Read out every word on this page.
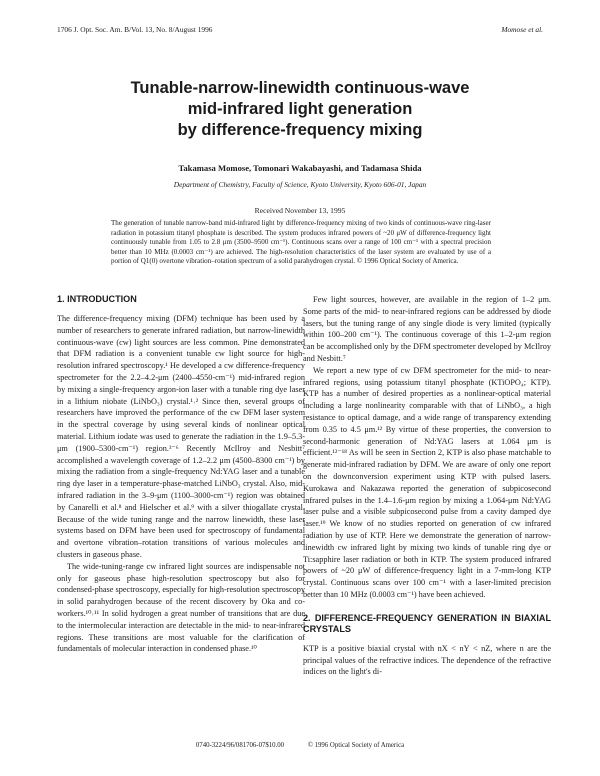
1706 J. Opt. Soc. Am. B/Vol. 13, No. 8/August 1996	Momose et al.
Tunable-narrow-linewidth continuous-wave
mid-infrared light generation
by difference-frequency mixing
Takamasa Momose, Tomonari Wakabayashi, and Tadamasa Shida
Department of Chemistry, Faculty of Science, Kyoto University, Kyoto 606-01, Japan
Received November 13, 1995
The generation of tunable narrow-band mid-infrared light by difference-frequency mixing of two kinds of continuous-wave ring-laser radiation in potassium titanyl phosphate is described. The system produces infrared powers of ~20 μW of difference-frequency light continuously tunable from 1.05 to 2.8 μm (3500–9500 cm⁻¹). Continuous scans over a range of 100 cm⁻¹ with a spectral precision better than 10 MHz (0.0003 cm⁻¹) are achieved. The high-resolution characteristics of the laser system are evaluated by use of a portion of Q1(0) overtone vibration–rotation spectrum of a solid parahydrogen crystal. © 1996 Optical Society of America.
1. INTRODUCTION

The difference-frequency mixing (DFM) technique has been used by a number of researchers to generate infrared radiation, but narrow-linewidth continuous-wave (cw) light sources are less common. Pine demonstrated that DFM radiation is a convenient tunable cw light source for high-resolution infrared spectroscopy.¹ He developed a cw difference-frequency spectrometer for the 2.2–4.2-μm (2400–4550-cm⁻¹) mid-infrared region by mixing a single-frequency argon-ion laser with a tunable ring dye laser in a lithium niobate (LiNbO₃) crystal.¹˒² Since then, several groups of researchers have improved the performance of the cw DFM laser system in the spectral coverage by using several kinds of nonlinear optical material. Lithium iodate was used to generate the radiation in the 1.9–5.3-μm (1900–5300-cm⁻¹) region.³⁻⁶ Recently McIlroy and Nesbitt⁷ accomplished a wavelength coverage of 1.2–2.2 μm (4500–8300 cm⁻¹) by mixing the radiation from a single-frequency Nd:YAG laser and a tunable ring dye laser in a temperature-phase-matched LiNbO₃ crystal. Also, mid-infrared radiation in the 3–9-μm (1100–3000-cm⁻¹) region was obtained by Canarelli et al.⁸ and Hielscher et al.⁹ with a silver thiogallate crystal. Because of the wide tuning range and the narrow linewidth, these laser systems based on DFM have been used for spectroscopy of fundamental and overtone vibration–rotation transitions of various molecules and clusters in gaseous phase.

The wide-tuning-range cw infrared light sources are indispensable not only for gaseous phase high-resolution spectroscopy but also for condensed-phase spectroscopy, especially for high-resolution spectroscopy in solid parahydrogen because of the recent discovery by Oka and co-workers.¹⁰˒¹¹ In solid hydrogen a great number of transitions that are due to the intermolecular interaction are detectable in the mid- to near-infrared regions. These transitions are most valuable for the clarification of fundamentals of molecular interaction in condensed phase.¹⁰

Few light sources, however, are available in the region of 1–2 μm. Some parts of the mid- to near-infrared regions can be addressed by diode lasers, but the tuning range of any single diode is very limited (typically within 100–200 cm⁻¹). The continuous coverage of this 1–2-μm region can be accomplished only by the DFM spectrometer developed by McIlroy and Nesbitt.⁷

We report a new type of cw DFM spectrometer for the mid- to near-infrared regions, using potassium titanyl phosphate (KTiOPO₄; KTP). KTP has a number of desired properties as a nonlinear-optical material including a large nonlinearity comparable with that of LiNbO₃, a high resistance to optical damage, and a wide range of transparency extending from 0.35 to 4.5 μm.¹² By virtue of these properties, the conversion to second-harmonic generation of Nd:YAG lasers at 1.064 μm is efficient.¹²⁻¹⁸ As will be seen in Section 2, KTP is also phase matchable to generate mid-infrared radiation by DFM. We are aware of only one report on the downconversion experiment using KTP with pulsed lasers. Kurokawa and Nakazawa reported the generation of subpicosecond infrared pulses in the 1.4–1.6-μm region by mixing a 1.064-μm Nd:YAG laser pulse and a visible subpicosecond pulse from a cavity damped dye laser.¹⁹ We know of no studies reported on generation of cw infrared radiation by use of KTP. Here we demonstrate the generation of narrow-linewidth cw infrared light by mixing two kinds of tunable ring dye or Ti:sapphire laser radiation or both in KTP. The system produced infrared powers of ~20 μW of difference-frequency light in a 7-mm-long KTP crystal. Continuous scans over 100 cm⁻¹ with a laser-limited precision better than 10 MHz (0.0003 cm⁻¹) have been achieved.

2. DIFFERENCE-FREQUENCY GENERATION IN BIAXIAL CRYSTALS

KTP is a positive biaxial crystal with nX < nY < nZ, where n are the principal values of the refractive indices. The dependence of the refractive indices on the light's di-

0740-3224/96/081706-07$10.00	© 1996 Optical Society of America
